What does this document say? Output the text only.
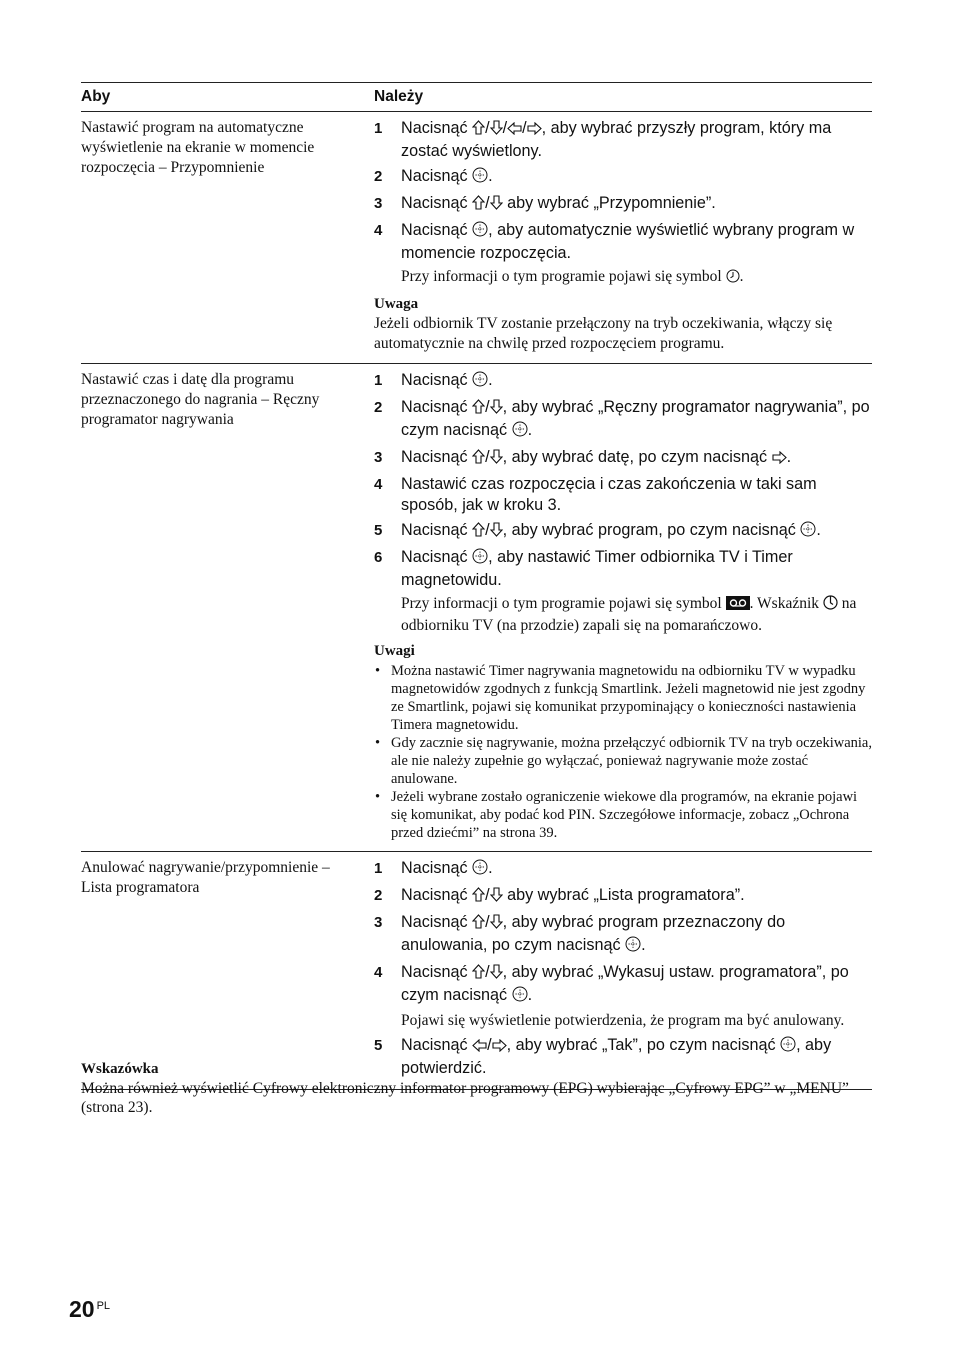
Aby	Należy
Nastawić program na automatyczne wyświetlenie na ekranie w momencie rozpoczęcia – Przypomnienie
1	Nacisnąć / / / , aby wybrać przyszły program, który ma zostać wyświetlony.
2	Nacisnąć .
3	Nacisnąć / aby wybrać „Przypomnienie”.
4	Nacisnąć , aby automatycznie wyświetlić wybrany program w momencie rozpoczęcia.
Przy informacji o tym programie pojawi się symbol .
Uwaga
Jeżeli odbiornik TV zostanie przełączony na tryb oczekiwania, włączy się automatycznie na chwilę przed rozpoczęciem programu.
Nastawić czas i datę dla programu przeznaczonego do nagrania – Ręczny programator nagrywania
1	Nacisnąć .
2	Nacisnąć / , aby wybrać „Ręczny programator nagrywania”, po czym nacisnąć .
3	Nacisnąć / , aby wybrać datę, po czym nacisnąć .
4	Nastawić czas rozpoczęcia i czas zakończenia w taki sam sposób, jak w kroku 3.
5	Nacisnąć / , aby wybrać program, po czym nacisnąć .
6	Nacisnąć , aby nastawić Timer odbiornika TV i Timer magnetowidu.
Przy informacji o tym programie pojawi się symbol . Wskaźnik  na odbiorniku TV (na przodzie) zapali się na pomarańczowo.
Uwagi
• Można nastawić Timer nagrywania magnetowidu na odbiorniku TV w wypadku magnetowidów zgodnych z funkcją Smartlink. Jeżeli magnetowid nie jest zgodny ze Smartlink, pojawi się komunikat przypominający o konieczności nastawienia Timera magnetowidu.
• Gdy zacznie się nagrywanie, można przełączyć odbiornik TV na tryb oczekiwania, ale nie należy zupełnie go wyłączać, ponieważ nagrywanie może zostać anulowane.
• Jeżeli wybrane zostało ograniczenie wiekowe dla programów, na ekranie pojawi się komunikat, aby podać kod PIN. Szczegółowe informacje, zobacz „Ochrona przed dziećmi” na strona 39.
Anulować nagrywanie/przypomnienie – Lista programatora
1	Nacisnąć .
2	Nacisnąć / aby wybrać „Lista programatora”.
3	Nacisnąć / , aby wybrać program przeznaczony do anulowania, po czym nacisnąć .
4	Nacisnąć / , aby wybrać „Wykasuj ustaw. programatora”, po czym nacisnąć .
Pojawi się wyświetlenie potwierdzenia, że program ma być anulowany.
5	Nacisnąć / , aby wybrać „Tak”, po czym nacisnąć , aby potwierdzić.
Wskazówka
Można również wyświetlić Cyfrowy elektroniczny informator programowy (EPG) wybierając „Cyfrowy EPG” w „MENU” (strona 23).
20 $^{PL}$
